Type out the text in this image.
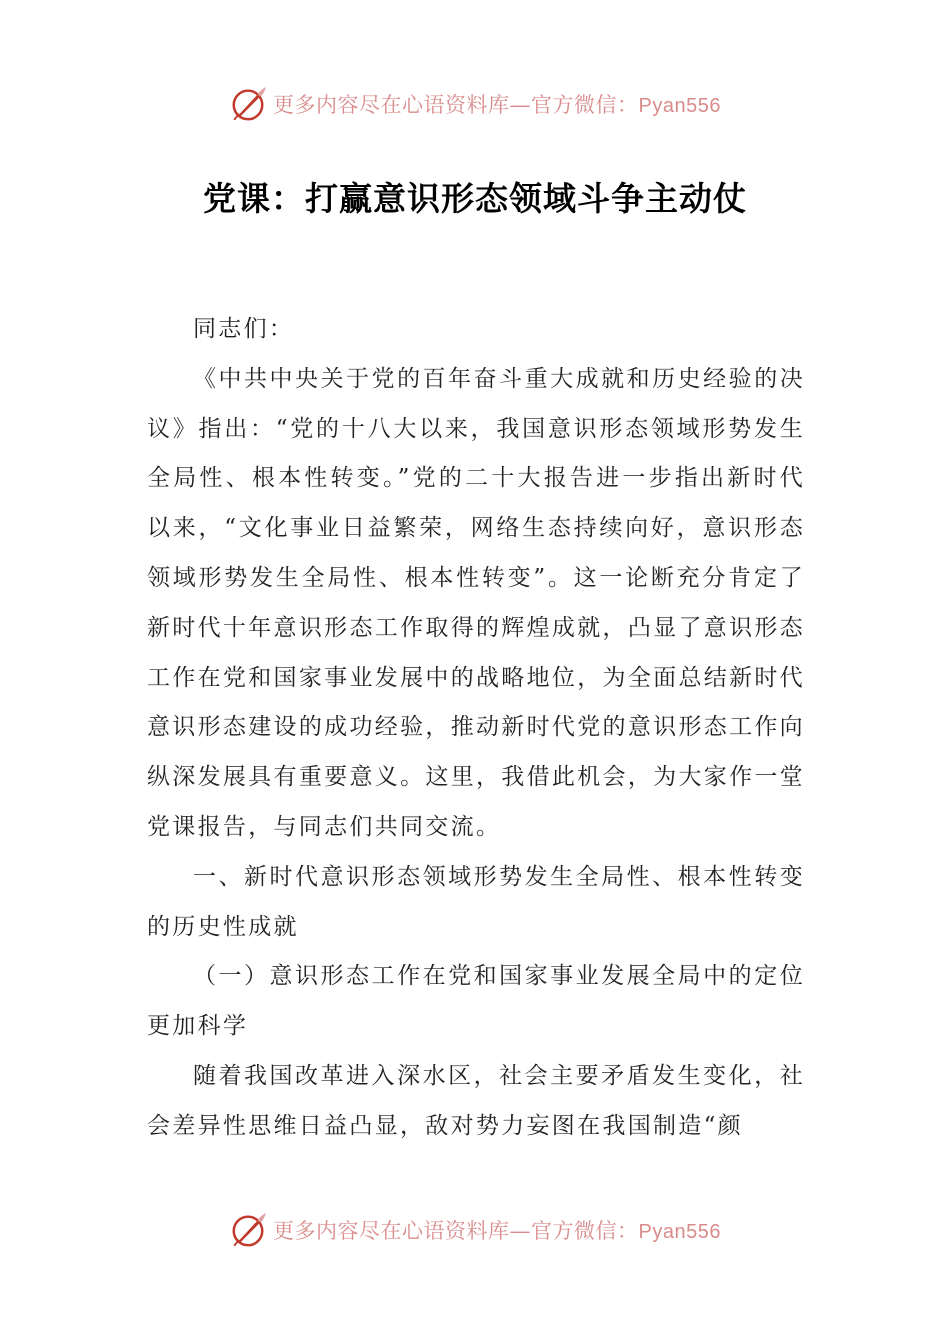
更多内容尽在心语资料库—官方微信：Pyan556
党课：打赢意识形态领域斗争主动仗

同志们：

《中共中央关于党的百年奋斗重大成就和历史经验的决议》指出：“党的十八大以来，我国意识形态领域形势发生全局性、根本性转变。”党的二十大报告进一步指出新时代以来，“文化事业日益繁荣，网络生态持续向好，意识形态领域形势发生全局性、根本性转变”。这一论断充分肯定了新时代十年意识形态工作取得的辉煌成就，凸显了意识形态工作在党和国家事业发展中的战略地位，为全面总结新时代意识形态建设的成功经验，推动新时代党的意识形态工作向纵深发展具有重要意义。这里，我借此机会，为大家作一堂党课报告，与同志们共同交流。

一、新时代意识形态领域形势发生全局性、根本性转变的历史性成就

（一）意识形态工作在党和国家事业发展全局中的定位更加科学

随着我国改革进入深水区，社会主要矛盾发生变化，社会差异性思维日益凸显，敌对势力妄图在我国制造“颜

更多内容尽在心语资料库—官方微信：Pyan556
